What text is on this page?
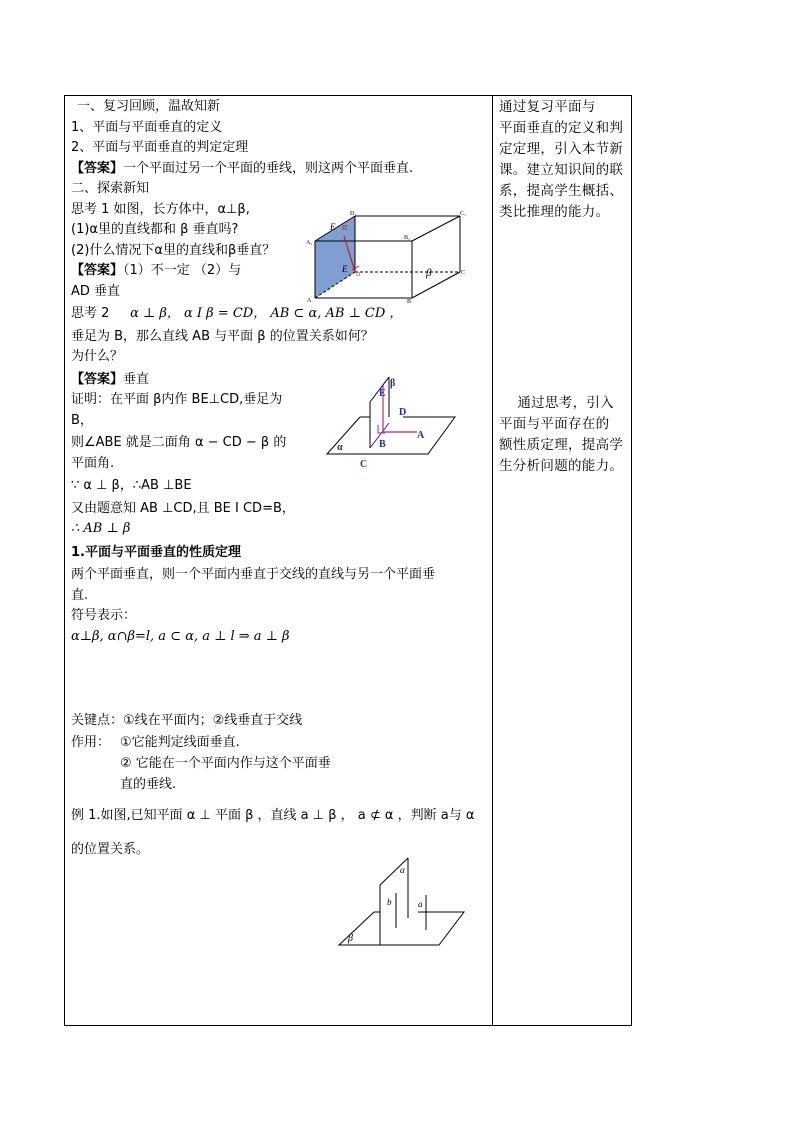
一、复习回顾，温故知新
1、平面与平面垂直的定义
2、平面与平面垂直的判定定理
【答案】一个平面过另一个平面的垂线，则这两个平面垂直.
二、探索新知
思考 1 如图，长方体中，α⊥β,
(1)α里的直线都和 β 垂直吗?
(2)什么情况下α里的直线和β垂直？
【答案】（1）不一定 （2）与
AD 垂直
思考 2 α ⊥ β， α I β = CD， AB ⊂ α, AB ⊥ CD ，
垂足为 B，那么直线 AB 与平面 β 的位置关系如何？
为什么？
【答案】垂直
证明：在平面 β内作 BE⊥CD,垂足为
B，
则∠ABE 就是二面角 α − CD − β 的
平面角.
∵ α ⊥ β，∴AB ⊥BE
又由题意知 AB ⊥CD,且 BE I CD=B，
∴ AB ⊥ β
1.平面与平面垂直的性质定理
两个平面垂直，则一个平面内垂直于交线的直线与另一个平面垂
直.
符号表示：
α⊥β, α∩β=l, a ⊂ α, a ⊥ l ⇒ a ⊥ β
关键点：①线在平面内；②线垂直于交线
作用： ①它能判定线面垂直.
② 它能在一个平面内作与这个平面垂
直的垂线.
例 1.如图,已知平面 α ⊥ 平面 β ，直线 a ⊥ β ， a ⊄ α ，判断 a与 α
的位置关系。
通过复习平面与
平面垂直的定义和判
定定理，引入本节新
课。建立知识间的联
系，提高学生概括、
类比推理的能力。
通过思考，引入
平面与平面存在的
额性质定理，提高学
生分析问题的能力。
D₁	C₁
A₁
B₁
E α
E
D	β	C
A	B
β
E
D
A
α	B
C
α
b	a
β
